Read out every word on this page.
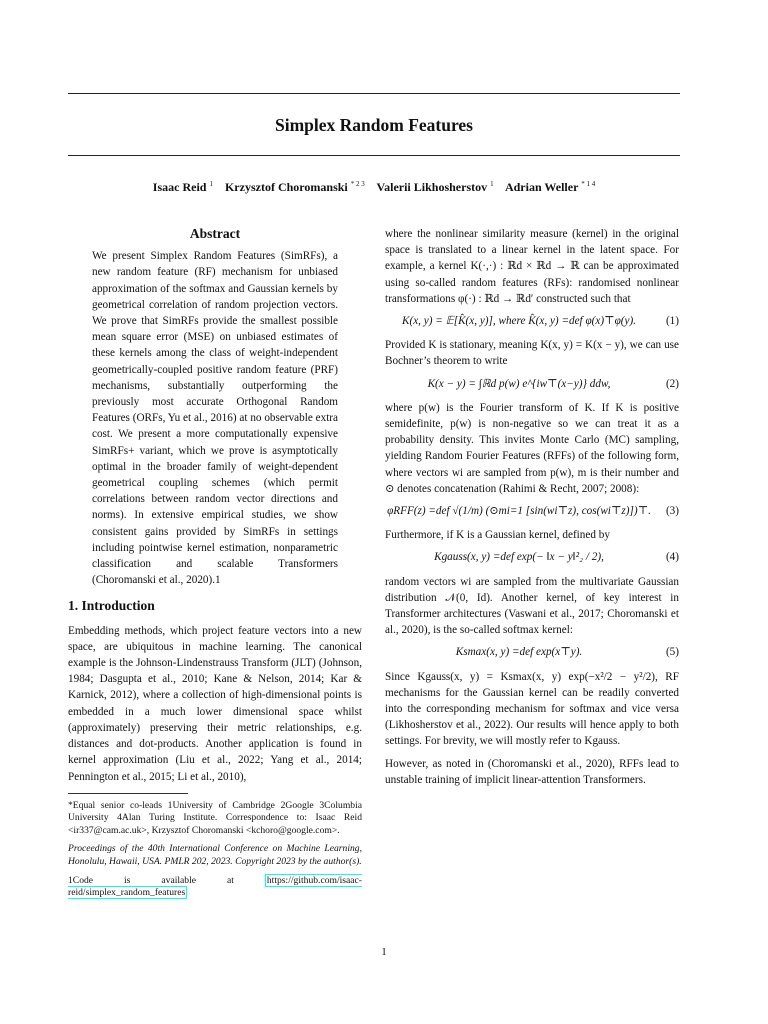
Simplex Random Features
Isaac Reid $^1$ Krzysztof Choromanski $^{* 2 3}$ Valerii Likhosherstov $^1$ Adrian Weller $^{* 1 4}$
Abstract
We present Simplex Random Features (SimRFs), a new random feature (RF) mechanism for unbiased approximation of the softmax and Gaussian kernels by geometrical correlation of random projection vectors. We prove that SimRFs provide the smallest possible mean square error (MSE) on unbiased estimates of these kernels among the class of weight-independent geometrically-coupled positive random feature (PRF) mechanisms, substantially outperforming the previously most accurate Orthogonal Random Features (ORFs, Yu et al., 2016) at no observable extra cost. We present a more computationally expensive SimRFs+ variant, which we prove is asymptotically optimal in the broader family of weight-dependent geometrical coupling schemes (which permit correlations between random vector directions and norms). In extensive empirical studies, we show consistent gains provided by SimRFs in settings including pointwise kernel estimation, nonparametric classification and scalable Transformers (Choromanski et al., 2020).1
1. Introduction

Embedding methods, which project feature vectors into a new space, are ubiquitous in machine learning. The canonical example is the Johnson-Lindenstrauss Transform (JLT) (Johnson, 1984; Dasgupta et al., 2010; Kane & Nelson, 2014; Kar & Karnick, 2012), where a collection of high-dimensional points is embedded in a much lower dimensional space whilst (approximately) preserving their metric relationships, e.g. distances and dot-products. Another application is found in kernel approximation (Liu et al., 2022; Yang et al., 2014; Pennington et al., 2015; Li et al., 2010),

*Equal senior co-leads 1University of Cambridge 2Google 3Columbia University 4Alan Turing Institute. Correspondence to: Isaac Reid <ir337@cam.ac.uk>, Krzysztof Choromanski <kchoro@google.com>.

Proceedings of the 40th International Conference on Machine Learning, Honolulu, Hawaii, USA. PMLR 202, 2023. Copyright 2023 by the author(s).

1Code is available at https://github.com/isaac-reid/simplex_random_features

where the nonlinear similarity measure (kernel) in the original space is translated to a linear kernel in the latent space. For example, a kernel K(·,·) : ℝd × ℝd → ℝ can be approximated using so-called random features (RFs): randomised nonlinear transformations φ(·) : ℝd → ℝd′ constructed such that

K(x, y) = 𝔼[K̂(x, y)], where K̂(x, y) =def φ(x)⊤φ(y).	(1)

Provided K is stationary, meaning K(x, y) = K(x − y), we can use Bochner’s theorem to write

K(x − y) = ∫ℝd p(w) e^{iw⊤(x−y)} ddw,	(2)

where p(w) is the Fourier transform of K. If K is positive semidefinite, p(w) is non-negative so we can treat it as a probability density. This invites Monte Carlo (MC) sampling, yielding Random Fourier Features (RFFs) of the following form, where vectors wi are sampled from p(w), m is their number and ⊙ denotes concatenation (Rahimi & Recht, 2007; 2008):

φRFF(z) =def √(1/m) (⊙mi=1 [sin(wi⊤z), cos(wi⊤z)])⊤. (3)

Furthermore, if K is a Gaussian kernel, defined by

Kgauss(x, y) =def exp(− ‖x − y‖²₂ / 2),	(4)

random vectors wi are sampled from the multivariate Gaussian distribution 𝒩(0, Id). Another kernel, of key interest in Transformer architectures (Vaswani et al., 2017; Choromanski et al., 2020), is the so-called softmax kernel:

Ksmax(x, y) =def exp(x⊤y).	(5)

Since Kgauss(x, y) = Ksmax(x, y) exp(−x²/2 − y²/2), RF mechanisms for the Gaussian kernel can be readily converted into the corresponding mechanism for softmax and vice versa (Likhosherstov et al., 2022). Our results will hence apply to both settings. For brevity, we will mostly refer to Kgauss.

However, as noted in (Choromanski et al., 2020), RFFs lead to unstable training of implicit linear-attention Transformers.

1
